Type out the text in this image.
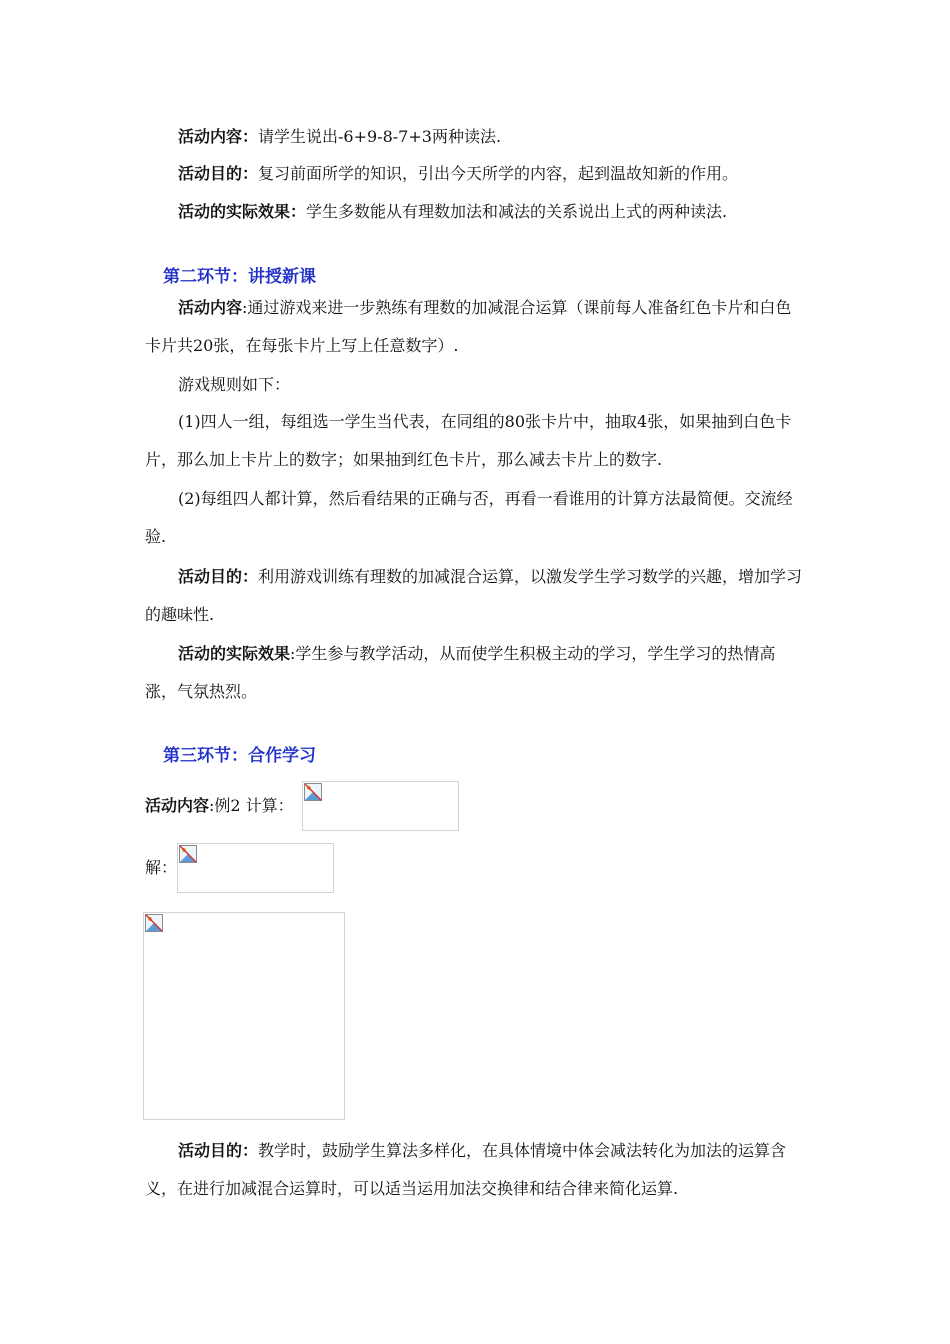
活动内容：请学生说出-6+9-8-7+3两种读法.

活动目的：复习前面所学的知识，引出今天所学的内容，起到温故知新的作用。

活动的实际效果：学生多数能从有理数加法和减法的关系说出上式的两种读法.

第二环节：讲授新课

活动内容:通过游戏来进一步熟练有理数的加减混合运算（课前每人准备红色卡片和白色卡片共20张，在每张卡片上写上任意数字）.

游戏规则如下：

(1)四人一组，每组选一学生当代表，在同组的80张卡片中，抽取4张，如果抽到白色卡片，那么加上卡片上的数字；如果抽到红色卡片，那么减去卡片上的数字.

(2)每组四人都计算，然后看结果的正确与否，再看一看谁用的计算方法最简便。交流经验.

活动目的：利用游戏训练有理数的加减混合运算，以激发学生学习数学的兴趣，增加学习的趣味性.

活动的实际效果:学生参与教学活动，从而使学生积极主动的学习，学生学习的热情高涨，气氛热烈。

第三环节：合作学习

活动内容:例2 计算：

解：

活动目的：教学时，鼓励学生算法多样化，在具体情境中体会减法转化为加法的运算含义，在进行加减混合运算时，可以适当运用加法交换律和结合律来简化运算.
